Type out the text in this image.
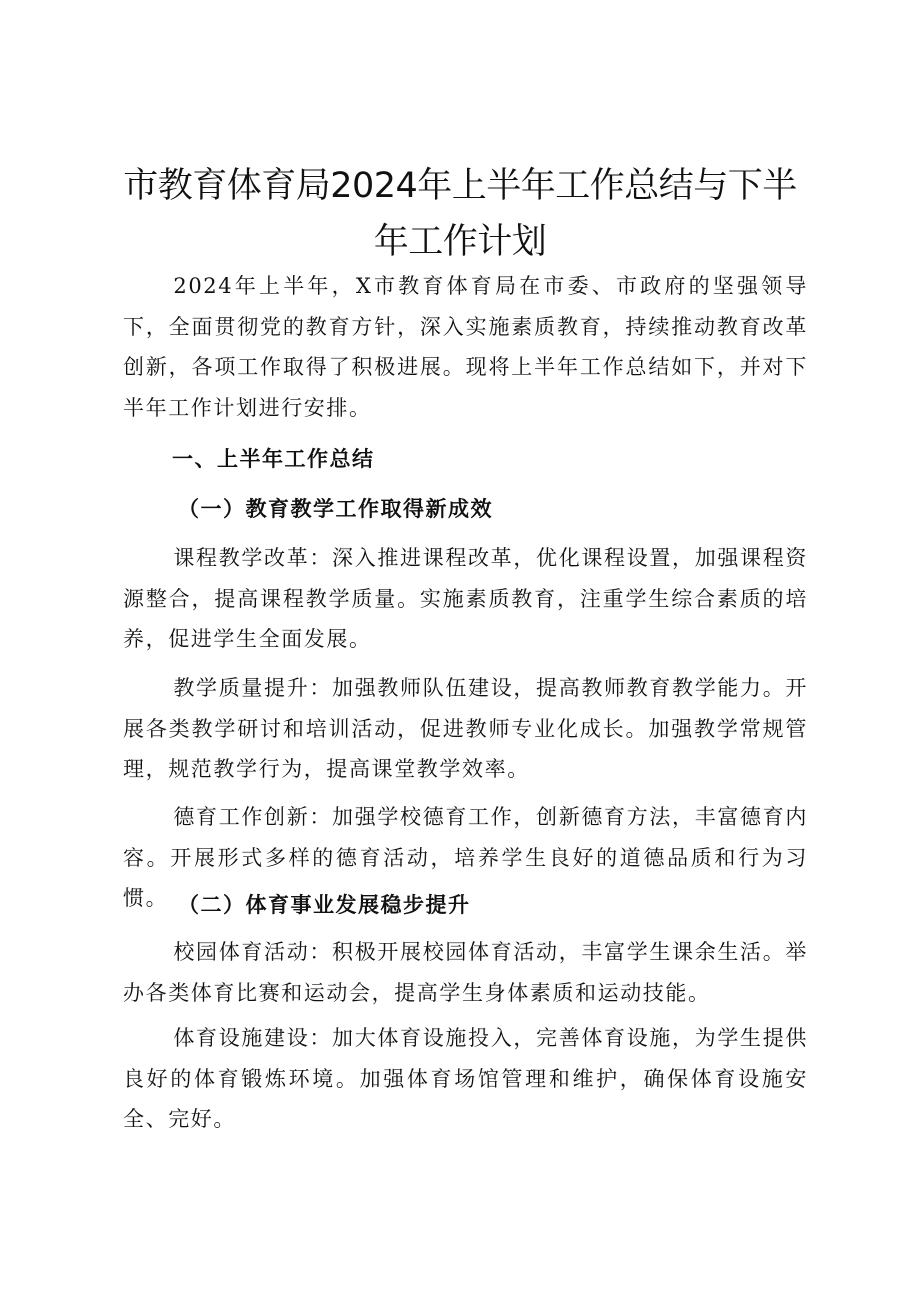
市教育体育局2024年上半年工作总结与下半
年工作计划

2024年上半年，X市教育体育局在市委、市政府的坚强领导下，全面贯彻党的教育方针，深入实施素质教育，持续推动教育改革创新，各项工作取得了积极进展。现将上半年工作总结如下，并对下半年工作计划进行安排。

一、上半年工作总结

（一）教育教学工作取得新成效

课程教学改革：深入推进课程改革，优化课程设置，加强课程资源整合，提高课程教学质量。实施素质教育，注重学生综合素质的培养，促进学生全面发展。

教学质量提升：加强教师队伍建设，提高教师教育教学能力。开展各类教学研讨和培训活动，促进教师专业化成长。加强教学常规管理，规范教学行为，提高课堂教学效率。

德育工作创新：加强学校德育工作，创新德育方法，丰富德育内容。开展形式多样的德育活动，培养学生良好的道德品质和行为习惯。 （二）体育事业发展稳步提升

校园体育活动：积极开展校园体育活动，丰富学生课余生活。举办各类体育比赛和运动会，提高学生身体素质和运动技能。

体育设施建设：加大体育设施投入，完善体育设施，为学生提供良好的体育锻炼环境。加强体育场馆管理和维护，确保体育设施安全、完好。
